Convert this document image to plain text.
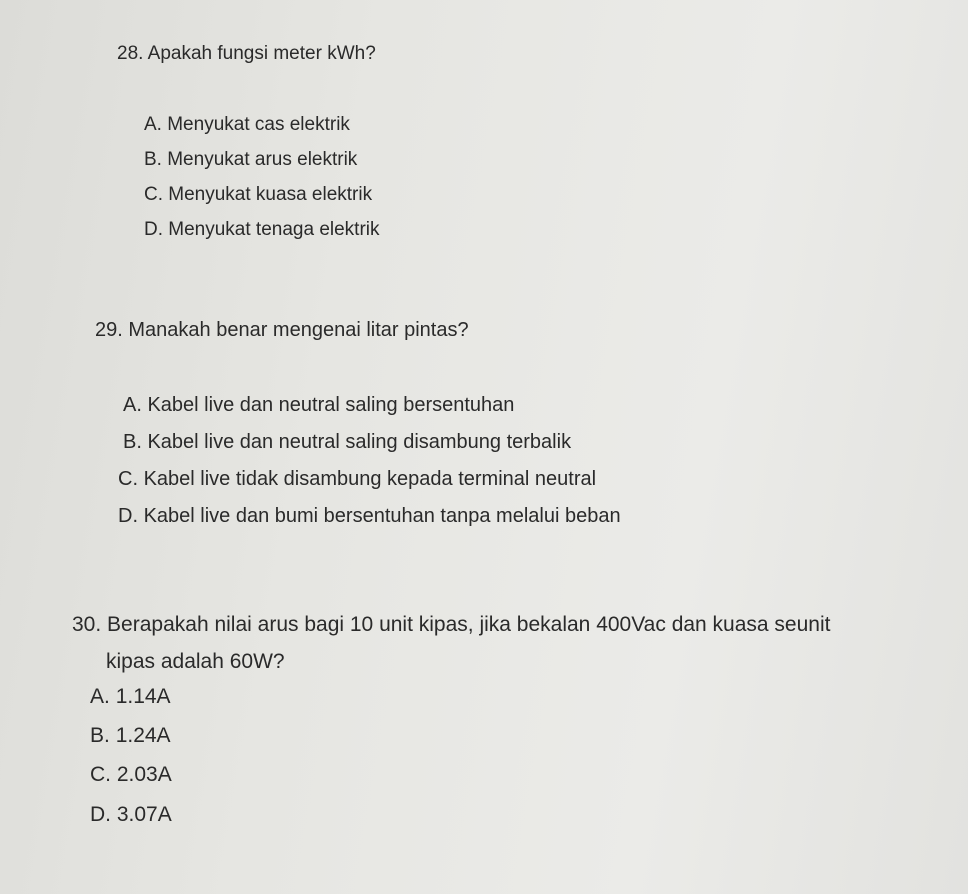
28. Apakah fungsi meter kWh?
A. Menyukat cas elektrik
B. Menyukat arus elektrik
C. Menyukat kuasa elektrik
D. Menyukat tenaga elektrik
29. Manakah benar mengenai litar pintas?
A. Kabel live dan neutral saling bersentuhan
B. Kabel live dan neutral saling disambung terbalik
C. Kabel live tidak disambung kepada terminal neutral
D. Kabel live dan bumi bersentuhan tanpa melalui beban
30. Berapakah nilai arus bagi 10 unit kipas, jika bekalan 400Vac dan kuasa seunit
kipas adalah 60W?
A. 1.14A
B. 1.24A
C. 2.03A
D. 3.07A
